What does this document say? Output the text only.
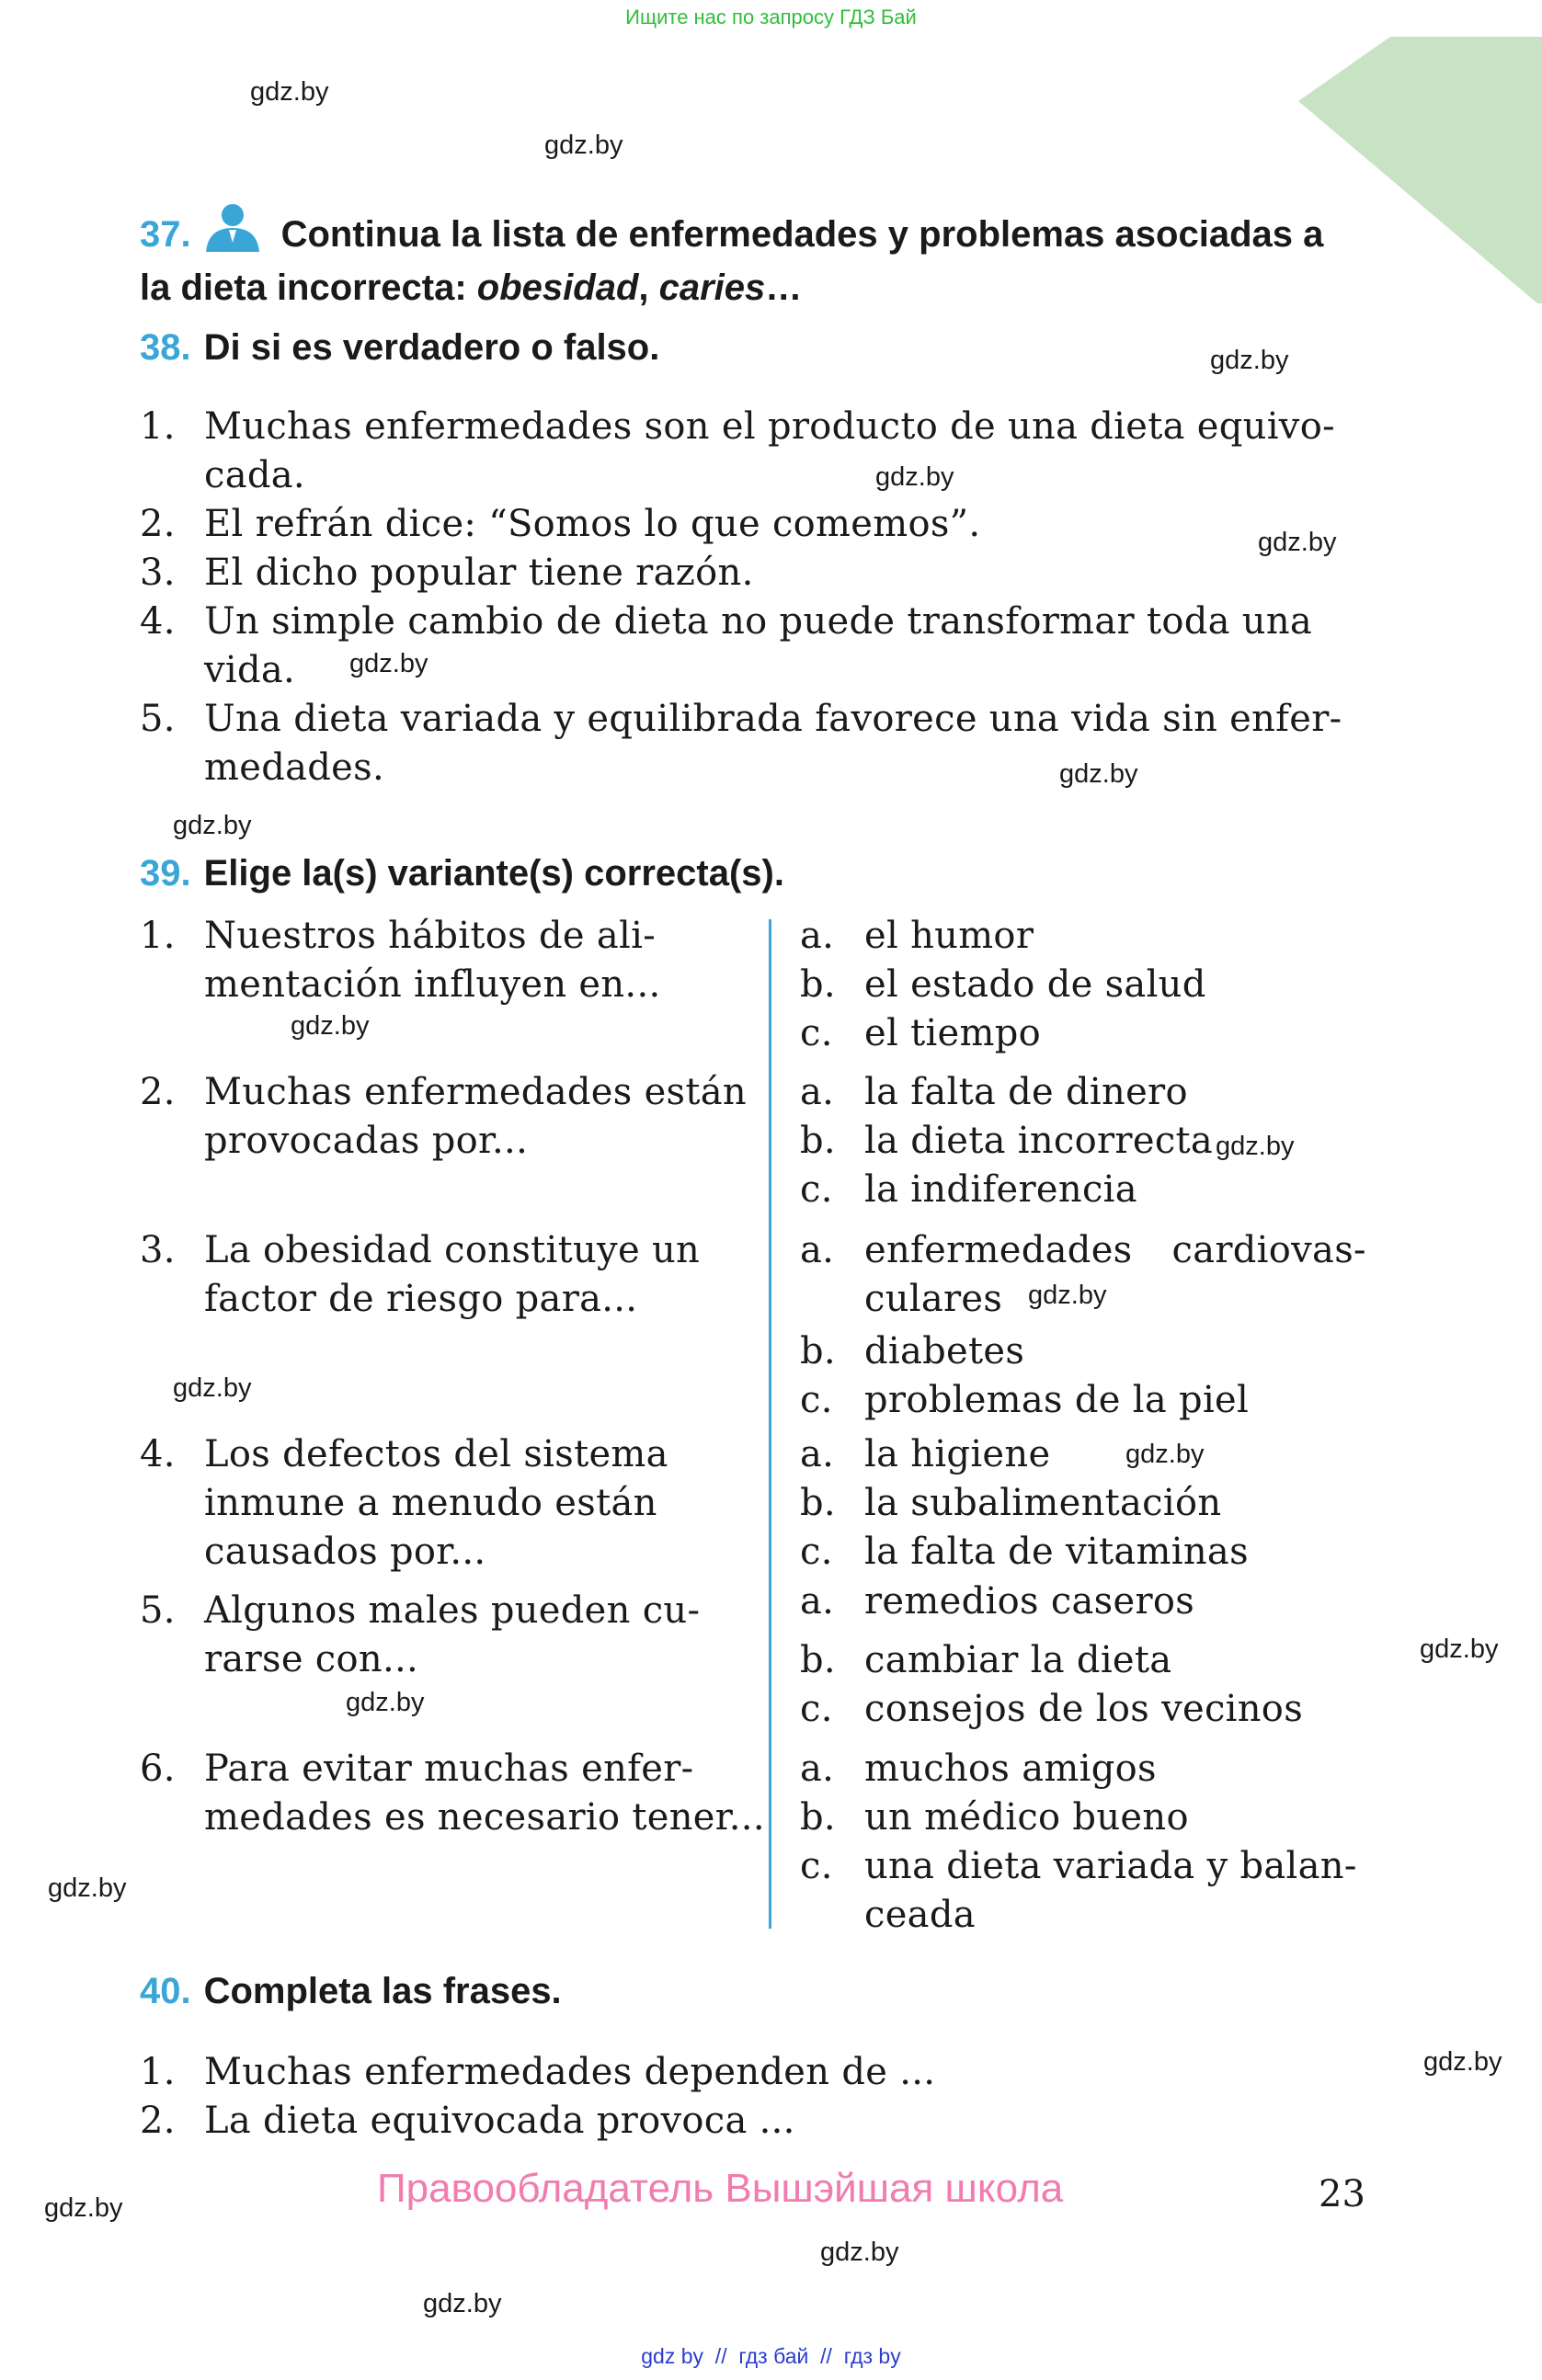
Ищите нас по запросу ГДЗ Бай
gdz.by
gdz.by
gdz.by
gdz.by
gdz.by
gdz.by
gdz.by
gdz.by
gdz.by
gdz.by
gdz.by
gdz.by
gdz.by
gdz.by
gdz.by
gdz.by
gdz.by
gdz.by
gdz.by
gdz.by
37. Continua la lista de enfermedades y problemas asociadas a
la dieta incorrecta: obesidad, caries…
38. Di si es verdadero o falso.
1. Muchas enfermedades son el producto de una dieta equivo-
cada.
2. El refrán dice: “Somos lo que comemos”.
3. El dicho popular tiene razón.
4. Un simple cambio de dieta no puede transformar toda una
vida.
5. Una dieta variada y equilibrada favorece una vida sin enfer-
medades.
39. Elige la(s) variante(s) correcta(s).
1. Nuestros hábitos de ali-
mentación influyen en...
2. Muchas enfermedades están
provocadas por...
3. La obesidad constituye un
factor de riesgo para...
4. Los defectos del sistema
inmune a menudo están
causados por...
5. Algunos males pueden cu-
rarse con...
6. Para evitar muchas enfer-
medades es necesario tener...
a. el humor
b. el estado de salud
c. el tiempo
a. la falta de dinero
b. la dieta incorrecta
c. la indiferencia
a. enfermedades cardiovas-
culares
b. diabetes
c. problemas de la piel
a. la higiene
b. la subalimentación
c. la falta de vitaminas
a. remedios caseros
b. cambiar la dieta
c. consejos de los vecinos
a. muchos amigos
b. un médico bueno
c. una dieta variada y balan-
ceada
40. Completa las frases.
1. Muchas enfermedades dependen de ...
2. La dieta equivocada provoca ...
Правообладатель Вышэйшая школа	23
gdz by  //  гдз бай  //  гдз by
